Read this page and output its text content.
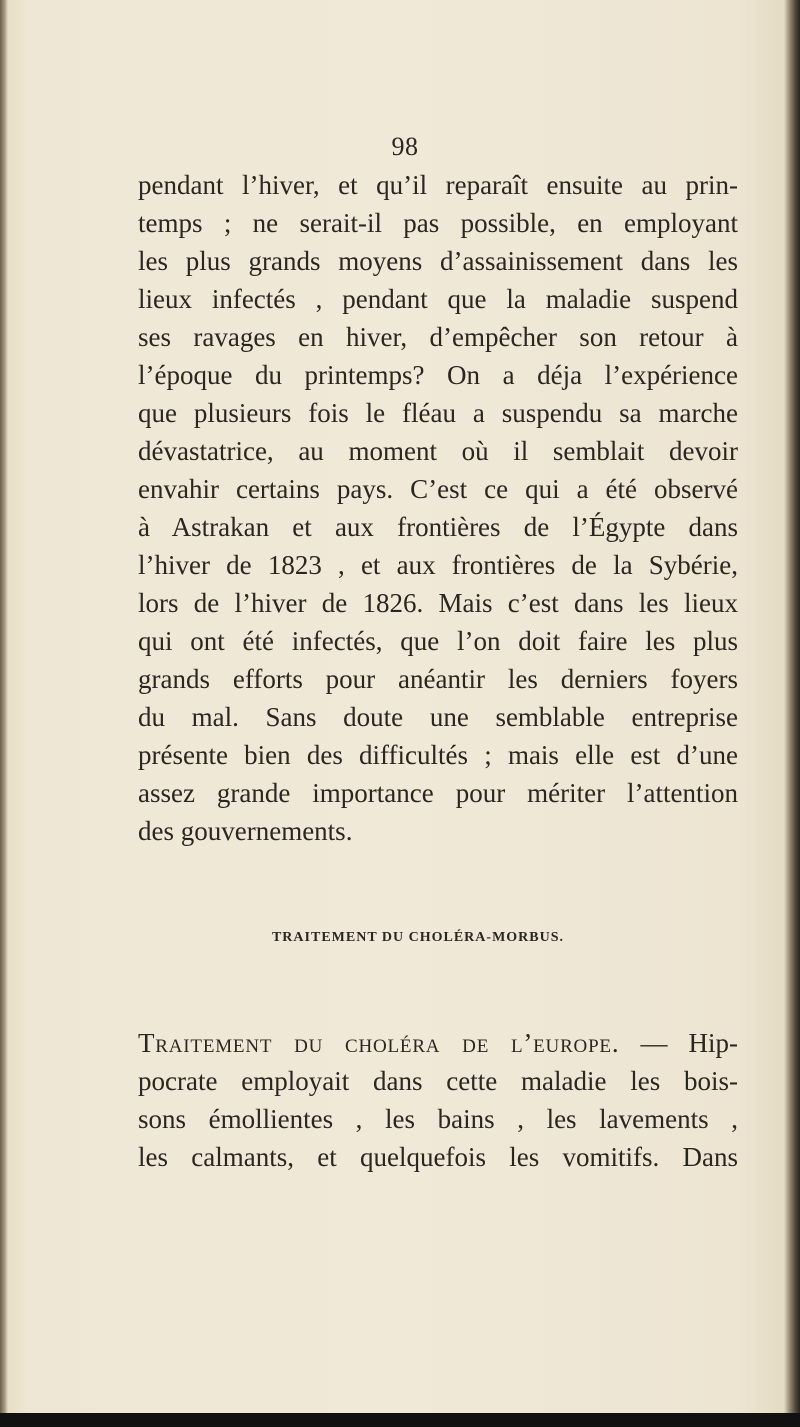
98
pendant l’hiver, et qu’il reparaît ensuite au prin-
temps ; ne serait-il pas possible, en employant
les plus grands moyens d’assainissement dans les
lieux infectés , pendant que la maladie suspend
ses ravages en hiver, d’empêcher son retour à
l’époque du printemps? On a déja l’expérience
que plusieurs fois le fléau a suspendu sa marche
dévastatrice, au moment où il semblait devoir
envahir certains pays. C’est ce qui a été observé
à Astrakan et aux frontières de l’Égypte dans
l’hiver de 1823 , et aux frontières de la Sybérie,
lors de l’hiver de 1826. Mais c’est dans les lieux
qui ont été infectés, que l’on doit faire les plus
grands efforts pour anéantir les derniers foyers
du mal. Sans doute une semblable entreprise
présente bien des difficultés ; mais elle est d’une
assez grande importance pour mériter l’attention
des gouvernements.
TRAITEMENT DU CHOLÉRA-MORBUS.
Traitement du choléra de l’europe. — Hip-
pocrate employait dans cette maladie les bois-
sons émollientes , les bains , les lavements ,
les calmants, et quelquefois les vomitifs. Dans
